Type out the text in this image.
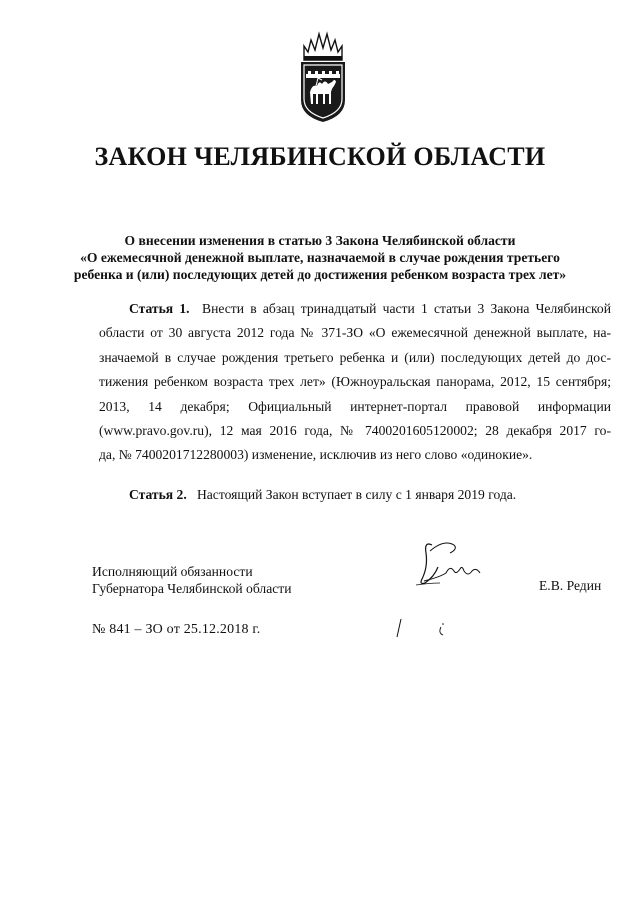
ЗАКОН ЧЕЛЯБИНСКОЙ ОБЛАСТИ
О внесении изменения в статью 3 Закона Челябинской области
«О ежемесячной денежной выплате, назначаемой в случае рождения третьего
ребенка и (или) последующих детей до достижения ребенком возраста трех лет»
Статья 1. Внести в абзац тринадцатый части 1 статьи 3 Закона Челябинской
области от 30 августа 2012 года № 371-ЗО «О ежемесячной денежной выплате, на-
значаемой в случае рождения третьего ребенка и (или) последующих детей до дос-
тижения ребенком возраста трех лет» (Южноуральская панорама, 2012, 15 сентября;
2013, 14 декабря; Официальный интернет-портал правовой информации
(www.pravo.gov.ru), 12 мая 2016 года, № 7400201605120002; 28 декабря 2017 го-
да, № 7400201712280003) изменение, исключив из него слово «одинокие».
Статья 2. Настоящий Закон вступает в силу с 1 января 2019 года.
Исполняющий обязанности
Губернатора Челябинской области	Е.В. Редин
№ 841 – ЗО от 25.12.2018 г.
